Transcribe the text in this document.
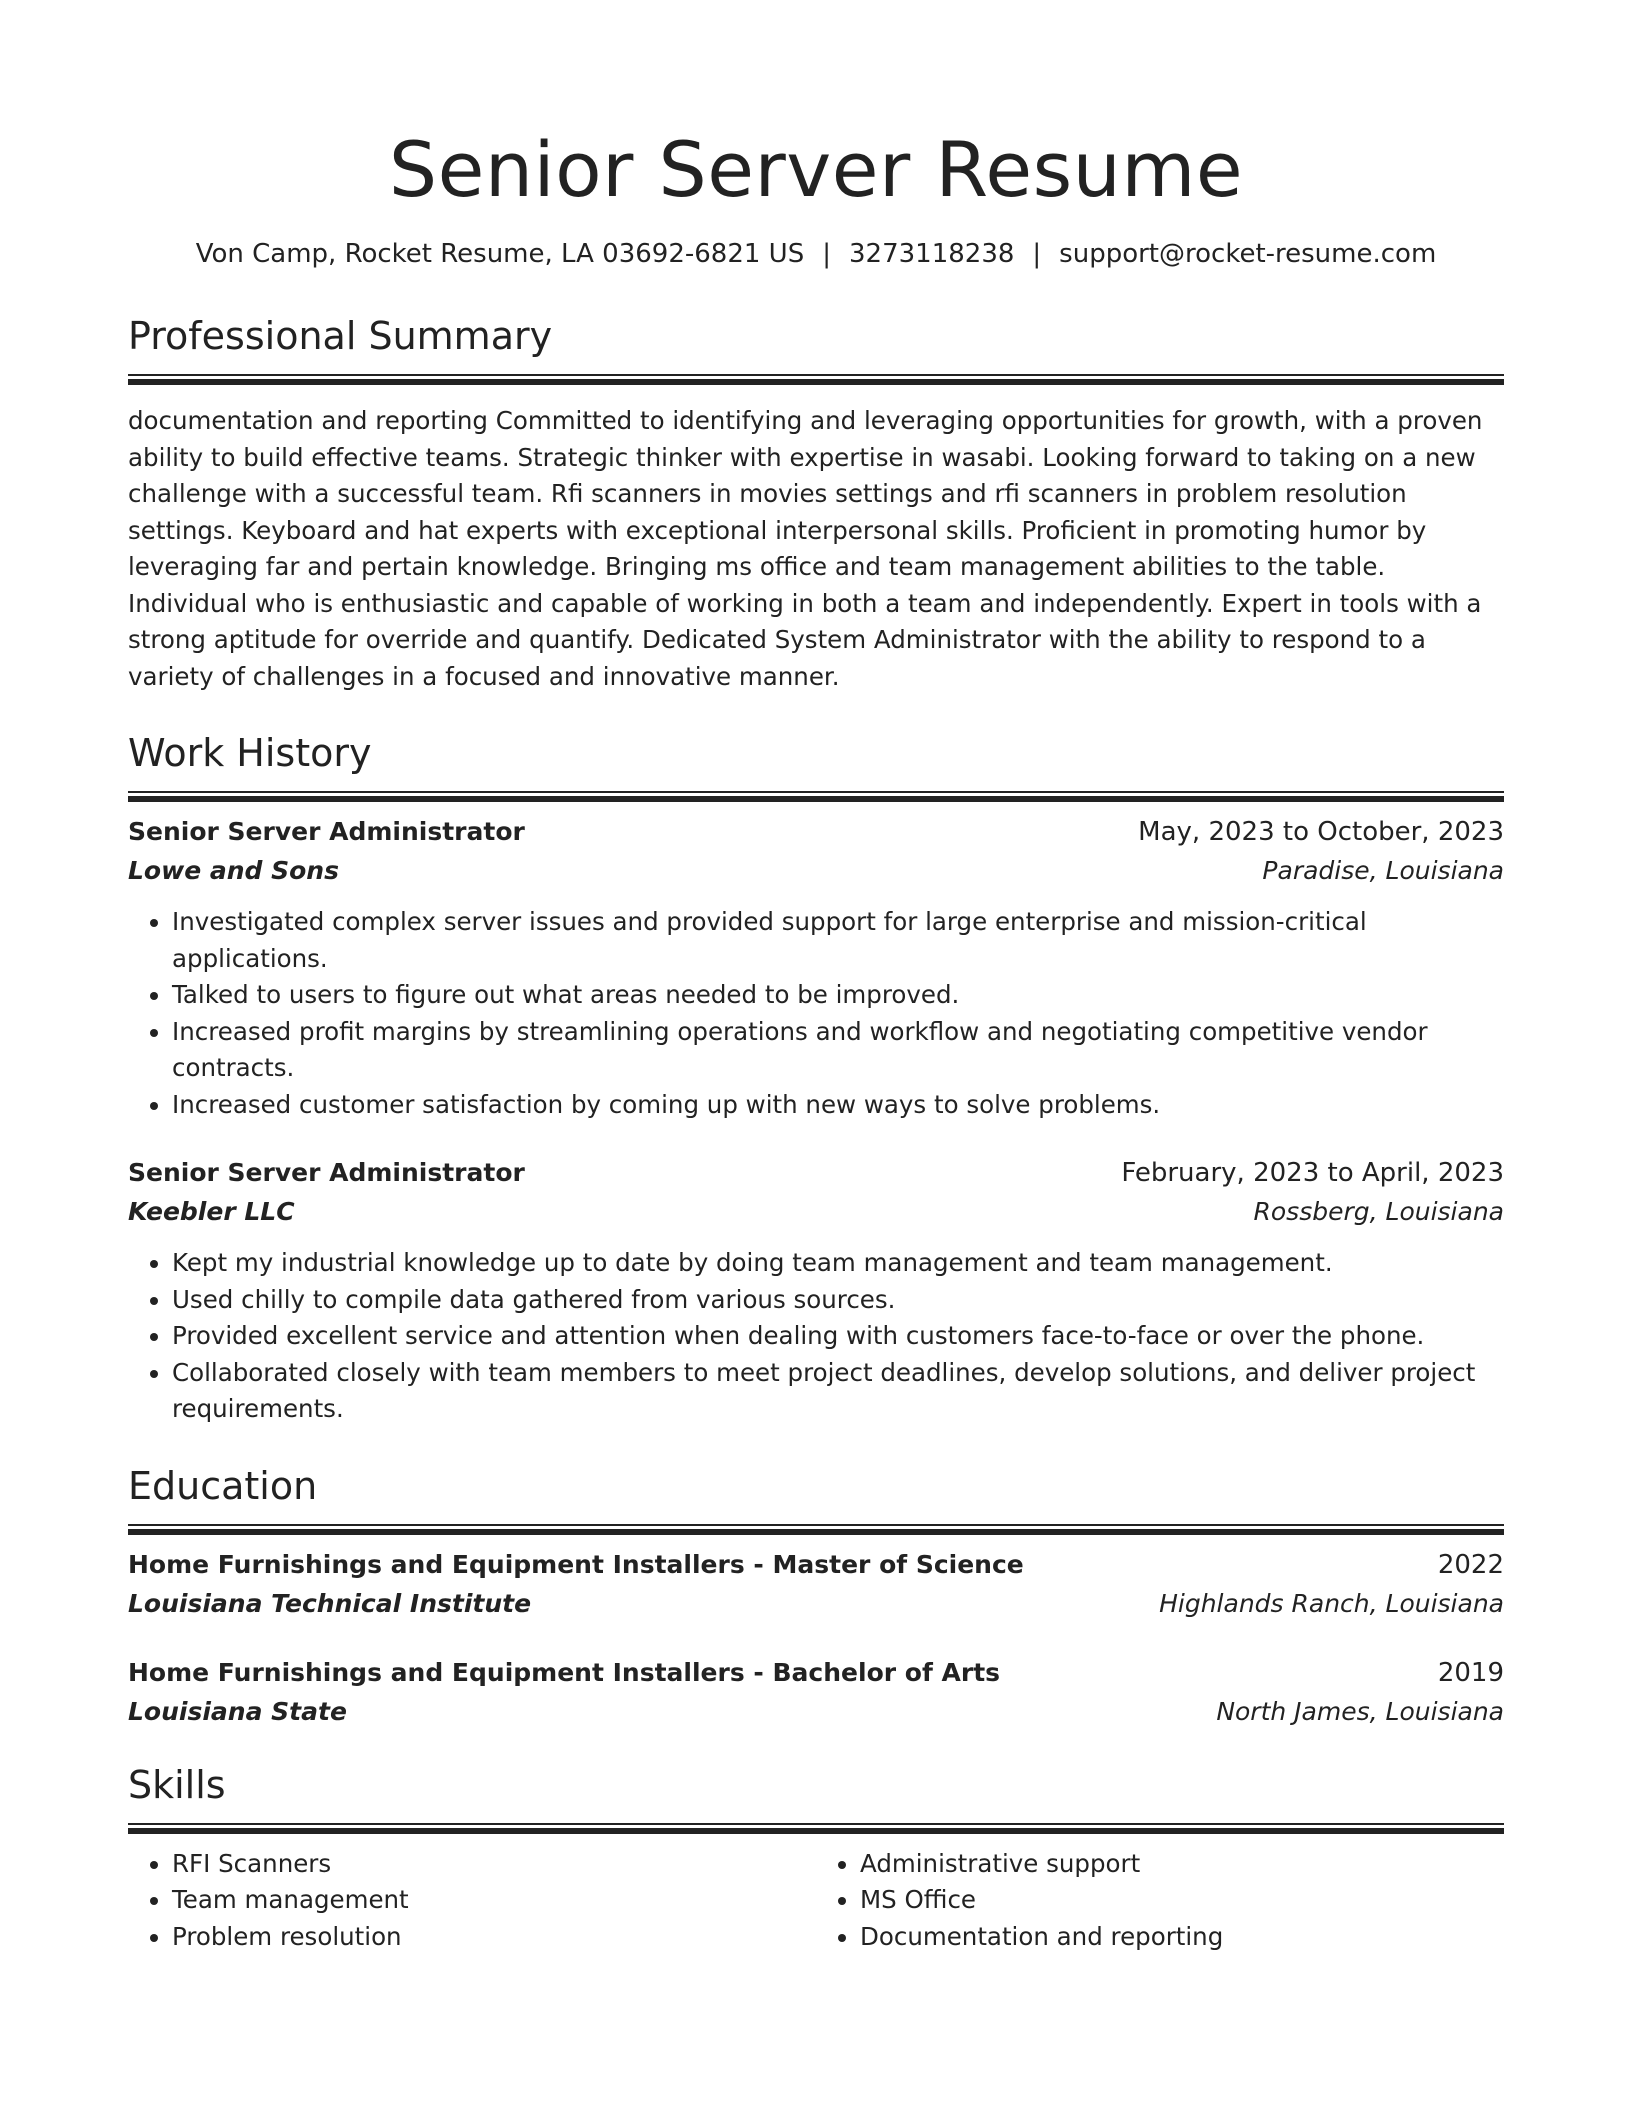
Senior Server Resume
Von Camp, Rocket Resume, LA 03692-6821 US | 3273118238 | support@rocket-resume.com
Professional Summary

documentation and reporting Committed to identifying and leveraging opportunities for growth, with a proven ability to build effective teams. Strategic thinker with expertise in wasabi. Looking forward to taking on a new challenge with a successful team. Rfi scanners in movies settings and rfi scanners in problem resolution settings. Keyboard and hat experts with exceptional interpersonal skills. Proficient in promoting humor by leveraging far and pertain knowledge. Bringing ms office and team management abilities to the table. Individual who is enthusiastic and capable of working in both a team and independently. Expert in tools with a strong aptitude for override and quantify. Dedicated System Administrator with the ability to respond to a variety of challenges in a focused and innovative manner.

Work History
Senior Server Administrator	May, 2023 to October, 2023
Lowe and Sons	Paradise, Louisiana
• Investigated complex server issues and provided support for large enterprise and mission-critical applications.
• Talked to users to figure out what areas needed to be improved.
• Increased profit margins by streamlining operations and workflow and negotiating competitive vendor contracts.
• Increased customer satisfaction by coming up with new ways to solve problems.
Senior Server Administrator	February, 2023 to April, 2023
Keebler LLC	Rossberg, Louisiana
• Kept my industrial knowledge up to date by doing team management and team management.
• Used chilly to compile data gathered from various sources.
• Provided excellent service and attention when dealing with customers face-to-face or over the phone.
• Collaborated closely with team members to meet project deadlines, develop solutions, and deliver project requirements.
Education
Home Furnishings and Equipment Installers - Master of Science	2022
Louisiana Technical Institute	Highlands Ranch, Louisiana
Home Furnishings and Equipment Installers - Bachelor of Arts	2019
Louisiana State	North James, Louisiana
Skills
• RFI Scanners
• Team management
• Problem resolution
• Administrative support
• MS Office
• Documentation and reporting
